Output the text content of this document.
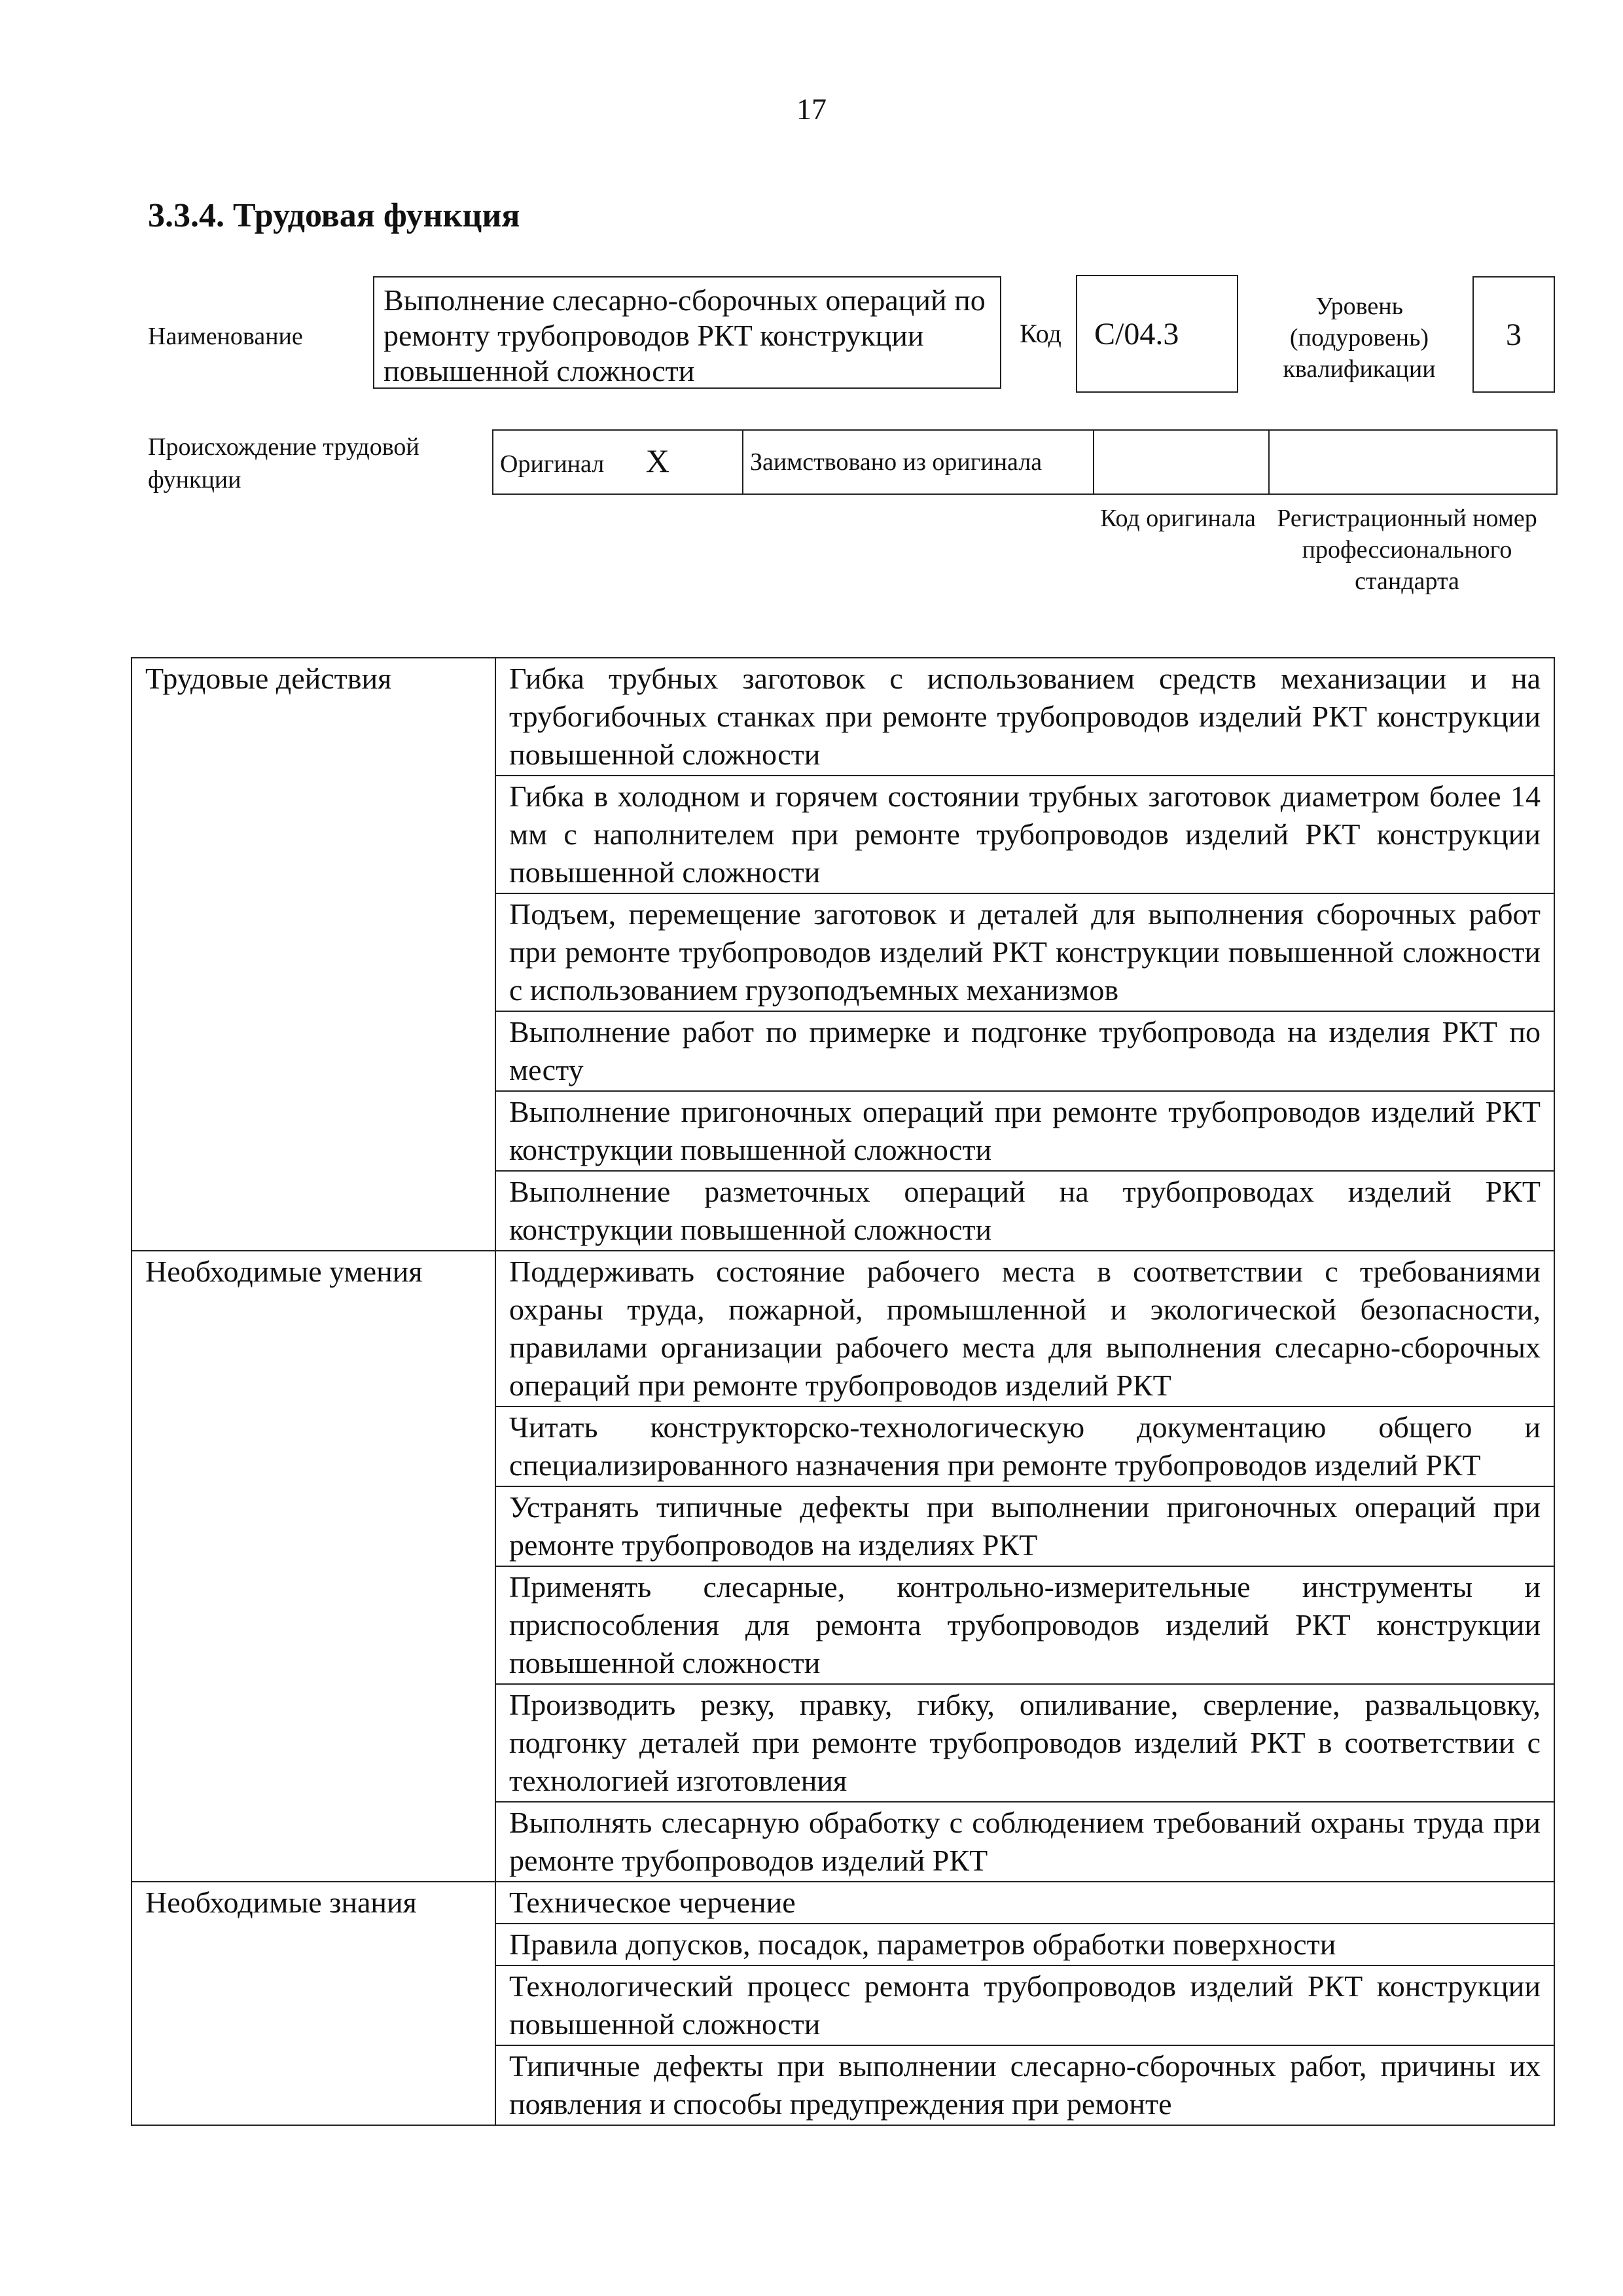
17
3.3.4. Трудовая функция
Наименование
Выполнение слесарно-сборочных операций по ремонту трубопроводов РКТ конструкции повышенной сложности
Код	C/04.3
Уровень (подуровень) квалификации
3
Происхождение трудовой функции
Оригинал X	Заимствовано из оригинала		
Код оригинала Регистрационный номер профессионального стандарта
Трудовые действия	Гибка трубных заготовок с использованием средств механизации и на трубогибочных станках при ремонте трубопроводов изделий РКТ конструкции повышенной сложности
	Гибка в холодном и горячем состоянии трубных заготовок диаметром более 14 мм с наполнителем при ремонте трубопроводов изделий РКТ конструкции повышенной сложности
	Подъем, перемещение заготовок и деталей для выполнения сборочных работ при ремонте трубопроводов изделий РКТ конструкции повышенной сложности с использованием грузоподъемных механизмов
	Выполнение работ по примерке и подгонке трубопровода на изделия РКТ по месту
	Выполнение пригоночных операций при ремонте трубопроводов изделий РКТ конструкции повышенной сложности
	Выполнение разметочных операций на трубопроводах изделий РКТ конструкции повышенной сложности
Необходимые умения	Поддерживать состояние рабочего места в соответствии с требованиями охраны труда, пожарной, промышленной и экологической безопасности, правилами организации рабочего места для выполнения слесарно-сборочных операций при ремонте трубопроводов изделий РКТ
	Читать конструкторско-технологическую документацию общего и специализированного назначения при ремонте трубопроводов изделий РКТ
	Устранять типичные дефекты при выполнении пригоночных операций при ремонте трубопроводов на изделиях РКТ
	Применять слесарные, контрольно-измерительные инструменты и приспособления для ремонта трубопроводов изделий РКТ конструкции повышенной сложности
	Производить резку, правку, гибку, опиливание, сверление, развальцовку, подгонку деталей при ремонте трубопроводов изделий РКТ в соответствии с технологией изготовления
	Выполнять слесарную обработку с соблюдением требований охраны труда при ремонте трубопроводов изделий РКТ
Необходимые знания	Техническое черчение
	Правила допусков, посадок, параметров обработки поверхности
	Технологический процесс ремонта трубопроводов изделий РКТ конструкции повышенной сложности
	Типичные дефекты при выполнении слесарно-сборочных работ, причины их появления и способы предупреждения при ремонте
